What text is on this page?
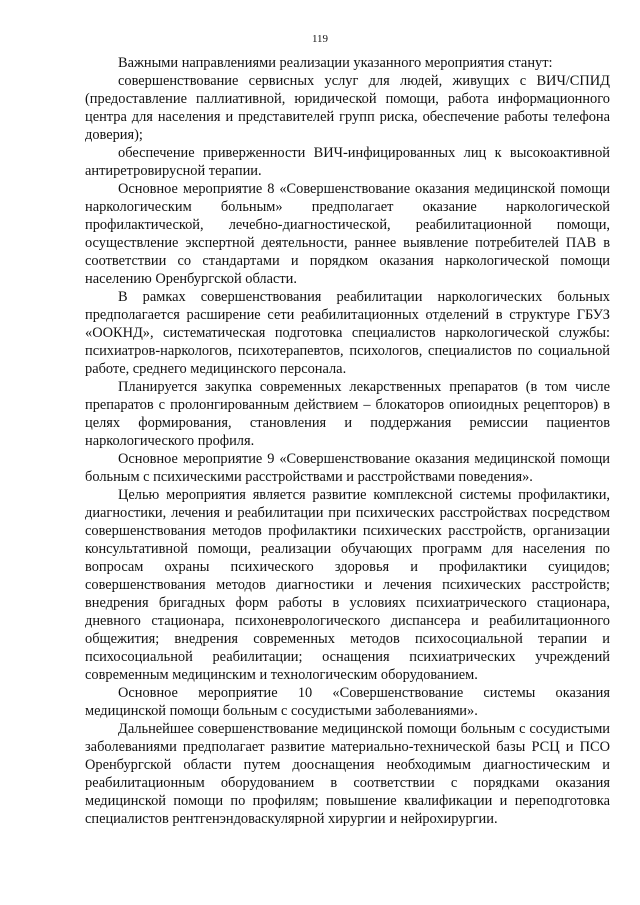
119

Важными направлениями реализации указанного мероприятия станут:

совершенствование сервисных услуг для людей, живущих с ВИЧ/СПИД (предоставление паллиативной, юридической помощи, работа информационного центра для населения и представителей групп риска, обеспечение работы телефона доверия);

обеспечение приверженности ВИЧ-инфицированных лиц к высокоактивной антиретровирусной терапии.

Основное мероприятие 8 «Совершенствование оказания медицинской помощи наркологическим больным» предполагает оказание наркологической профилактической, лечебно-диагностической, реабилитационной помощи, осуществление экспертной деятельности, раннее выявление потребителей ПАВ в соответствии со стандартами и порядком оказания наркологической помощи населению Оренбургской области.

В рамках совершенствования реабилитации наркологических больных предполагается расширение сети реабилитационных отделений в структуре ГБУЗ «ООКНД», систематическая подготовка специалистов наркологической службы: психиатров-наркологов, психотерапевтов, психологов, специалистов по социальной работе, среднего медицинского персонала.

Планируется закупка современных лекарственных препаратов (в том числе препаратов с пролонгированным действием – блокаторов опиоидных рецепторов) в целях формирования, становления и поддержания ремиссии пациентов наркологического профиля.

Основное мероприятие 9 «Совершенствование оказания медицинской помощи больным с психическими расстройствами и расстройствами поведения».

Целью мероприятия является развитие комплексной системы профилактики, диагностики, лечения и реабилитации при психических расстройствах посредством совершенствования методов профилактики психических расстройств, организации консультативной помощи, реализации обучающих программ для населения по вопросам охраны психического здоровья и профилактики суицидов; совершенствования методов диагностики и лечения психических расстройств; внедрения бригадных форм работы в условиях психиатрического стационара, дневного стационара, психоневрологического диспансера и реабилитационного общежития; внедрения современных методов психосоциальной терапии и психосоциальной реабилитации; оснащения психиатрических учреждений современным медицинским и технологическим оборудованием.

Основное мероприятие 10 «Совершенствование системы оказания медицинской помощи больным с сосудистыми заболеваниями».

Дальнейшее совершенствование медицинской помощи больным с сосудистыми заболеваниями предполагает развитие материально-технической базы РСЦ и ПСО Оренбургской области путем дооснащения необходимым диагностическим и реабилитационным оборудованием в соответствии с порядками оказания медицинской помощи по профилям; повышение квалификации и переподготовка специалистов рентгенэндоваскулярной хирургии и нейрохирургии.
